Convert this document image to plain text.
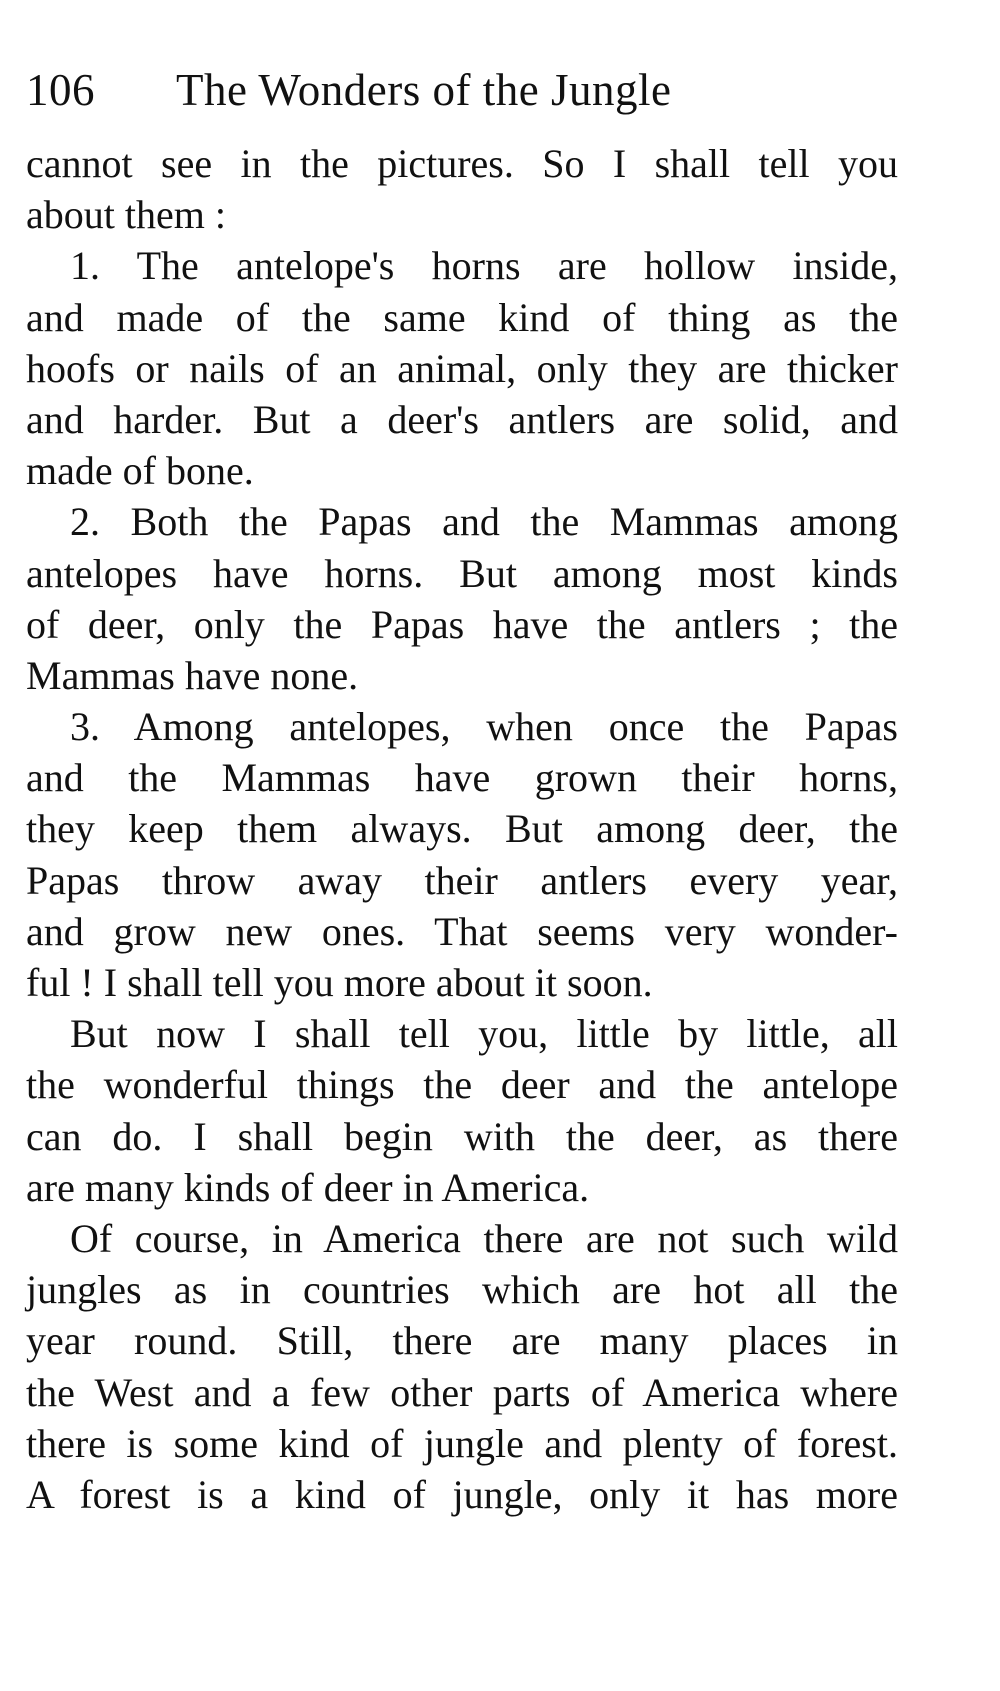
106 The Wonders of the Jungle
cannot see in the pictures. So I shall tell you
about them :
1. The antelope's horns are hollow inside,
and made of the same kind of thing as the
hoofs or nails of an animal, only they are thicker
and harder. But a deer's antlers are solid, and
made of bone.
2. Both the Papas and the Mammas among
antelopes have horns. But among most kinds
of deer, only the Papas have the antlers ; the
Mammas have none.
3. Among antelopes, when once the Papas
and the Mammas have grown their horns,
they keep them always. But among deer, the
Papas throw away their antlers every year,
and grow new ones. That seems very wonder-
ful ! I shall tell you more about it soon.
But now I shall tell you, little by little, all
the wonderful things the deer and the antelope
can do. I shall begin with the deer, as there
are many kinds of deer in America.
Of course, in America there are not such wild
jungles as in countries which are hot all the
year round. Still, there are many places in
the West and a few other parts of America where
there is some kind of jungle and plenty of forest.
A forest is a kind of jungle, only it has more
